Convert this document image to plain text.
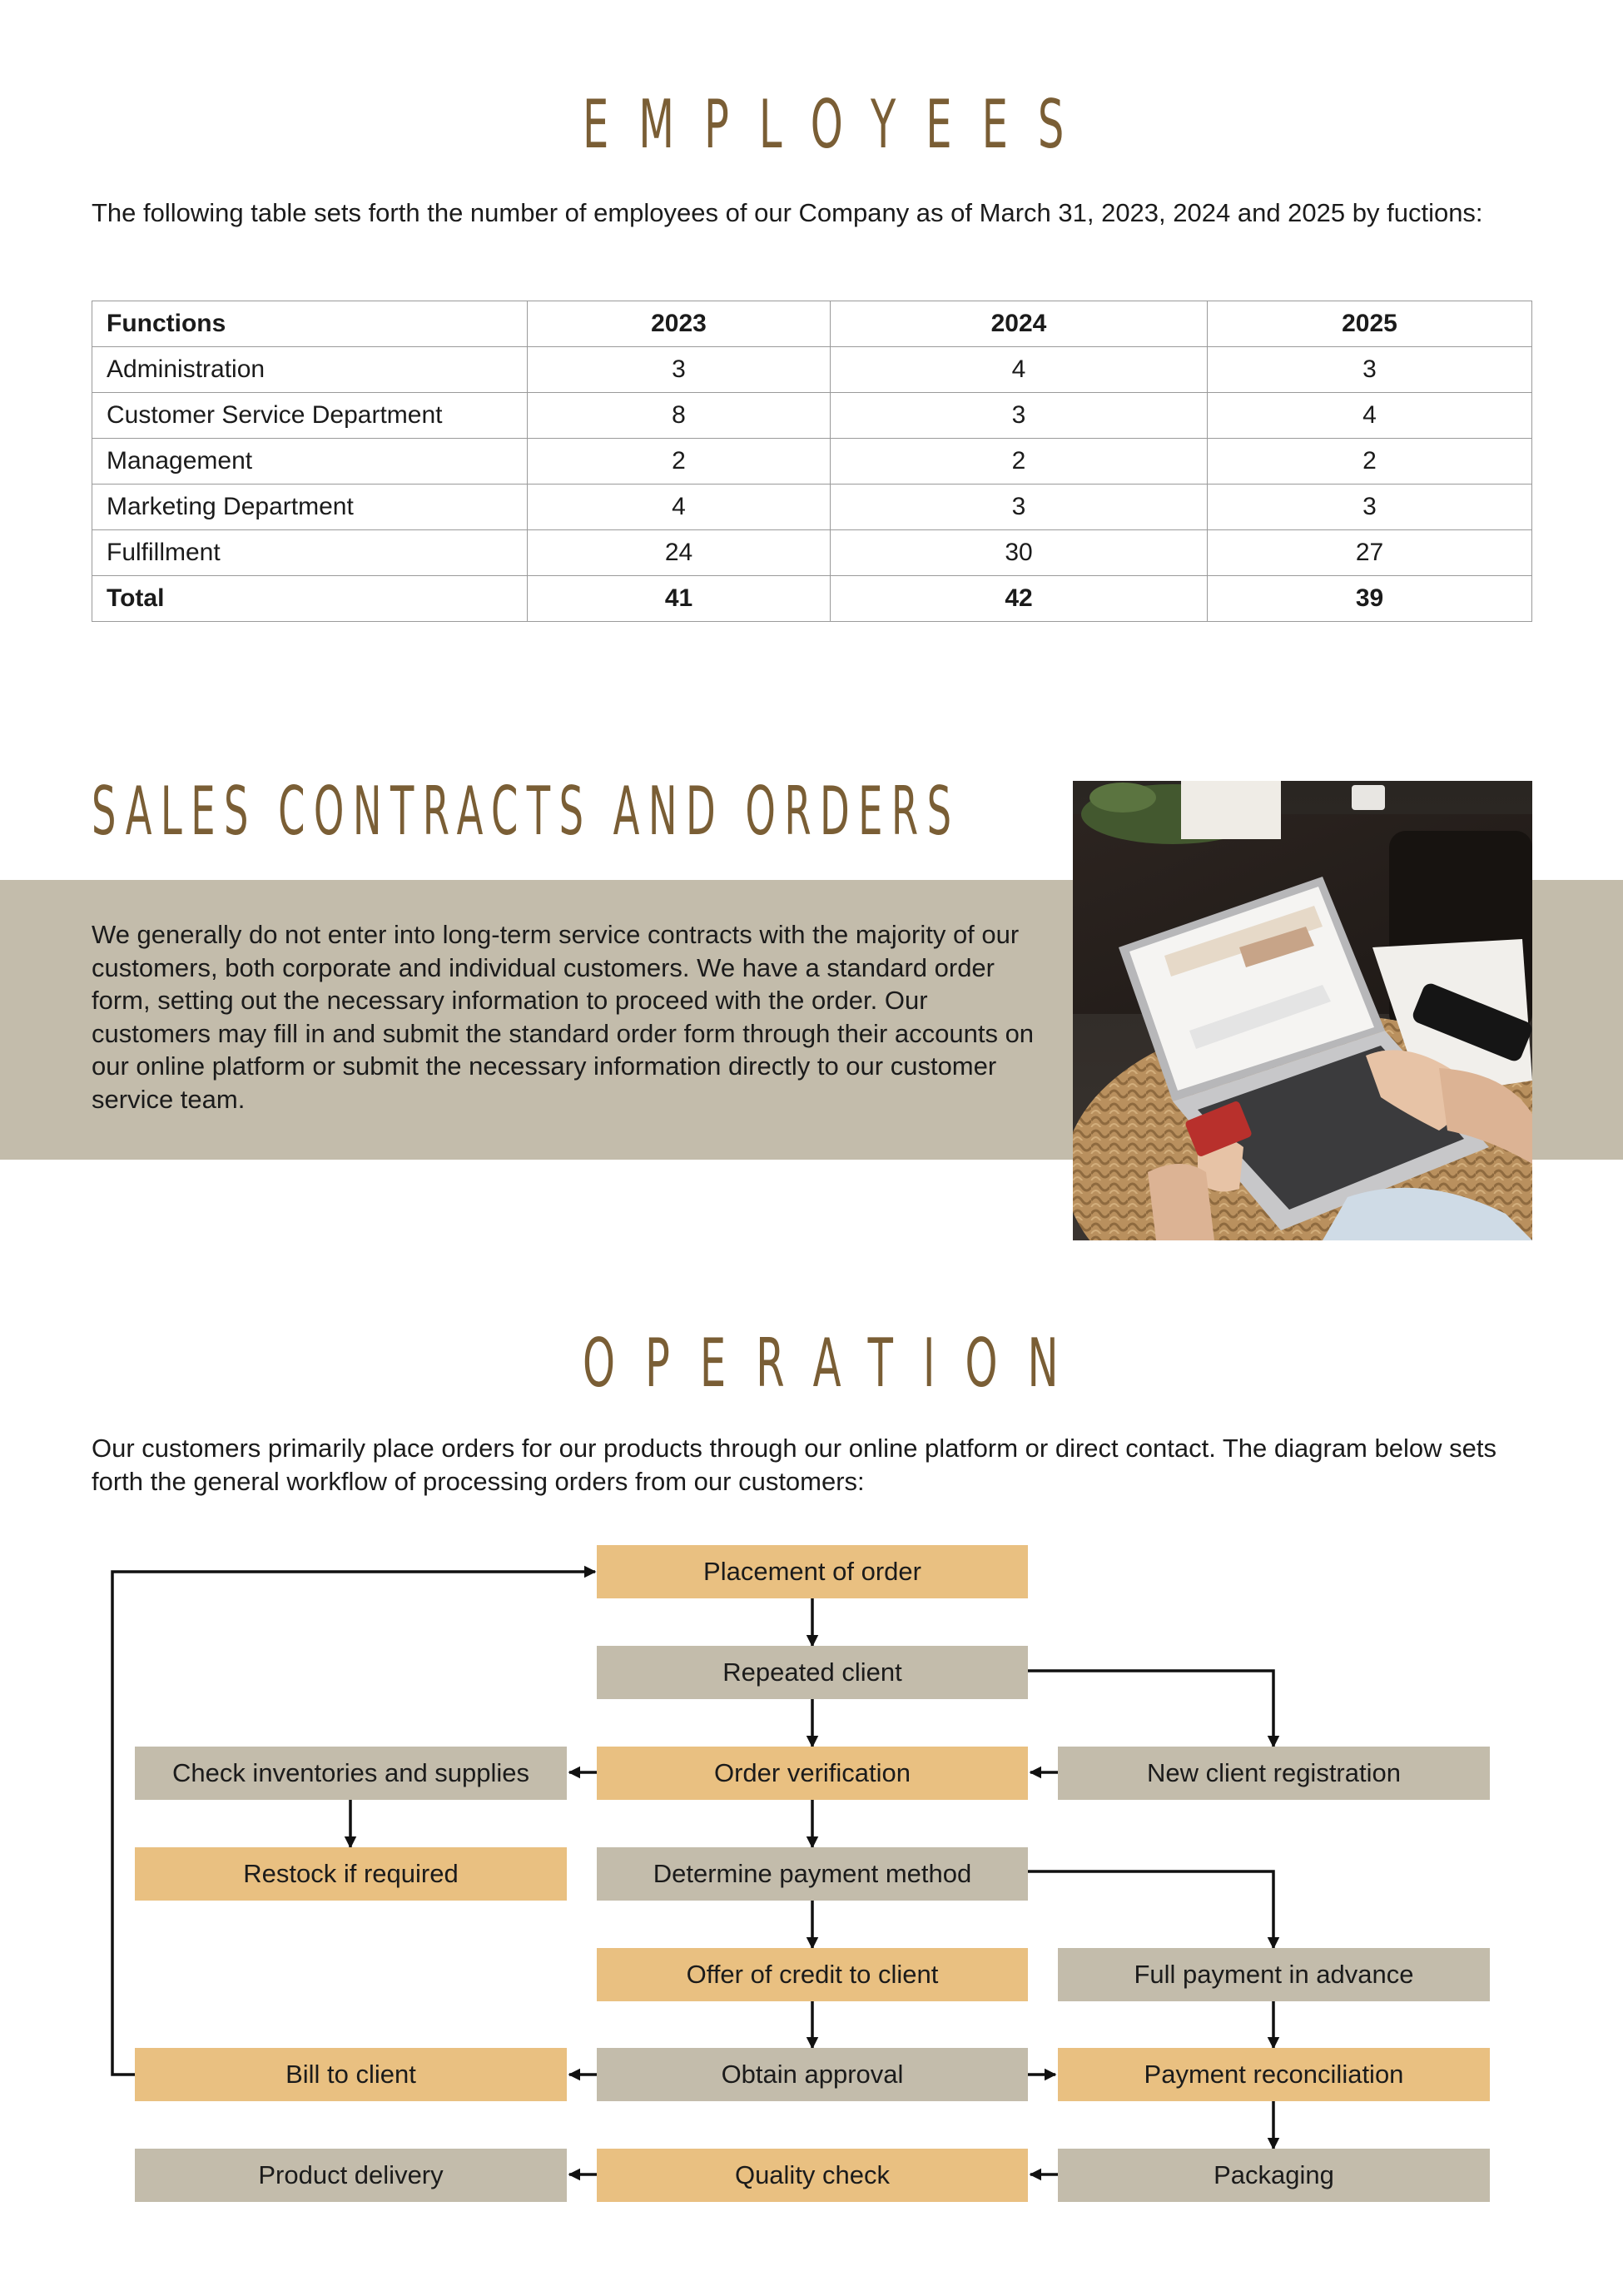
EMPLOYEES

The following table sets forth the number of employees of our Company as of March 31, 2023, 2024 and 2025 by fuctions:

Functions	2023	2024	2025
Administration	3	4	3
Customer Service Department	8	3	4
Management	2	2	2
Marketing Department	4	3	3
Fulfillment	24	30	27
Total	41	42	39
SALES CONTRACTS AND ORDERS

We generally do not enter into long-term service contracts with the majority of our customers, both corporate and individual customers. We have a standard order form, setting out the necessary information to proceed with the order. Our customers may fill in and submit the standard order form through their accounts on our online platform or submit the necessary information directly to our customer service team.

OPERATION

Our customers primarily place orders for our products through our online platform or direct contact. The diagram below sets forth the general workflow of processing orders from our customers:

Placement of order
Repeated client
Check inventories and supplies	Order verification	New client registration
Restock if required	Determine payment method
Offer of credit to client	Full payment in advance
Bill to client	Obtain approval	Payment reconciliation
Product delivery	Quality check	Packaging
